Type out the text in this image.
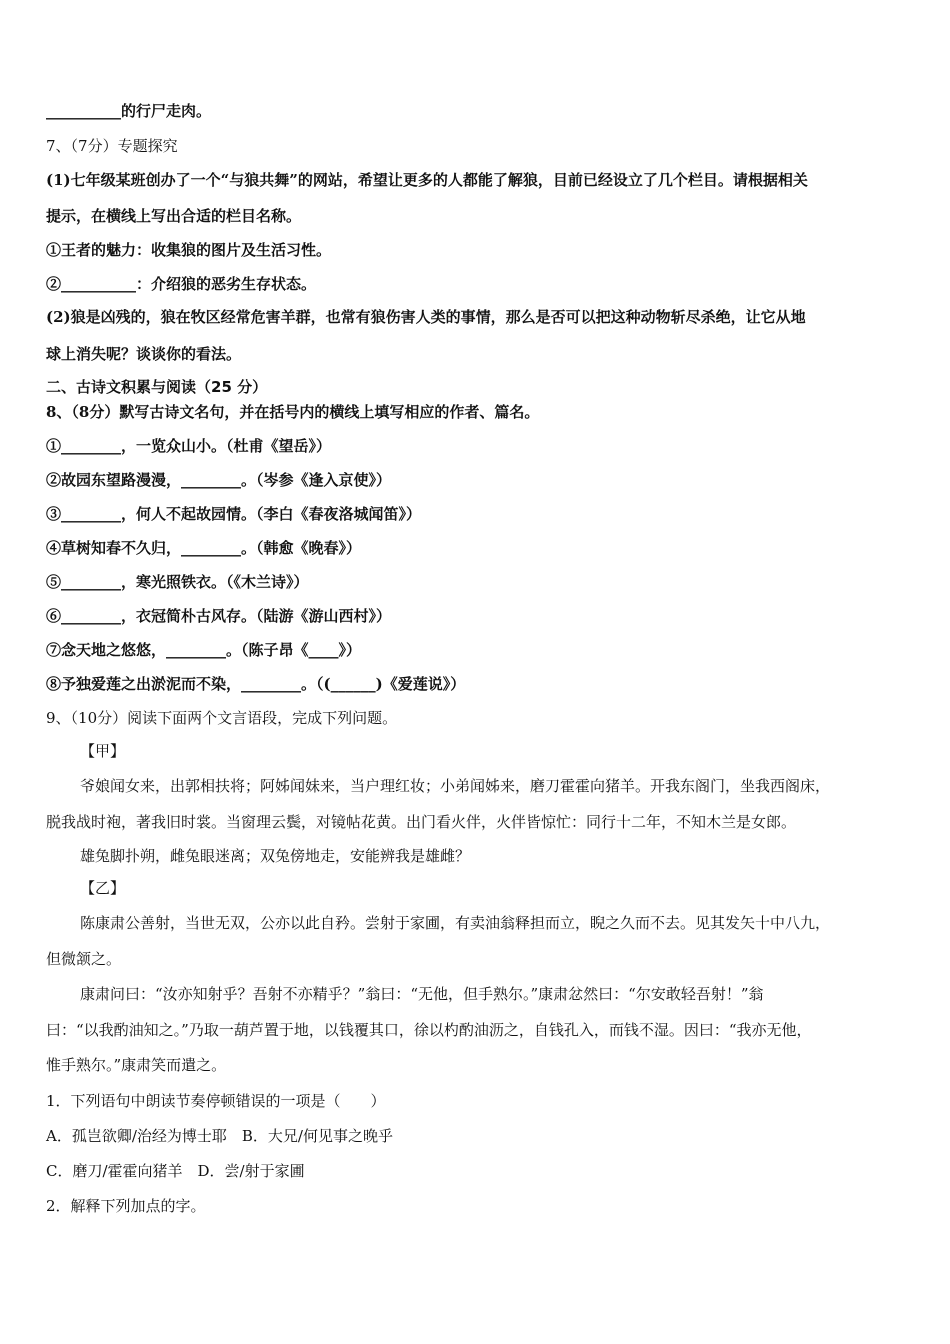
__________的行尸走肉。
7、（7分）专题探究
(1)七年级某班创办了一个“与狼共舞”的网站，希望让更多的人都能了解狼，目前已经设立了几个栏目。请根据相关
提示，在横线上写出合适的栏目名称。
①王者的魅力：收集狼的图片及生活习性。
②__________：介绍狼的恶劣生存状态。
(2)狼是凶残的，狼在牧区经常危害羊群，也常有狼伤害人类的事情，那么是否可以把这种动物斩尽杀绝，让它从地
球上消失呢？谈谈你的看法。
二、古诗文积累与阅读（25 分）
8、（8分）默写古诗文名句，并在括号内的横线上填写相应的作者、篇名。
①________，一览众山小。（杜甫《望岳》）
②故园东望路漫漫，________。（岑参《逢入京使》）
③________，何人不起故园情。（李白《春夜洛城闻笛》）
④草树知春不久归，________。（韩愈《晚春》）
⑤________，寒光照铁衣。（《木兰诗》）
⑥________，衣冠简朴古风存。（陆游《游山西村》）
⑦念天地之悠悠，________。（陈子昂《____》）
⑧予独爱莲之出淤泥而不染，________。（(______)《爱莲说》）
9、（10分）阅读下面两个文言语段，完成下列问题。
【甲】
爷娘闻女来，出郭相扶将；阿姊闻妹来，当户理红妆；小弟闻姊来，磨刀霍霍向猪羊。开我东阁门，坐我西阁床，
脱我战时袍，著我旧时裳。当窗理云鬓，对镜帖花黄。出门看火伴，火伴皆惊忙：同行十二年，不知木兰是女郎。
雄兔脚扑朔，雌兔眼迷离；双兔傍地走，安能辨我是雄雌？
【乙】
陈康肃公善射，当世无双，公亦以此自矜。尝射于家圃，有卖油翁释担而立，睨之久而不去。见其发矢十中八九，
但微颔之。
康肃问曰：“汝亦知射乎？吾射不亦精乎？”翁曰：“无他，但手熟尔。”康肃忿然曰：“尔安敢轻吾射！”翁
曰：“以我酌油知之。”乃取一葫芦置于地，以钱覆其口，徐以杓酌油沥之，自钱孔入，而钱不湿。因曰：“我亦无他，
惟手熟尔。”康肃笑而遣之。
1．下列语句中朗读节奏停顿错误的一项是（　　）
A．孤岂欲卿/治经为博士耶　B．大兄/何见事之晚乎
C．磨刀/霍霍向猪羊　D．尝/射于家圃
2．解释下列加点的字。
